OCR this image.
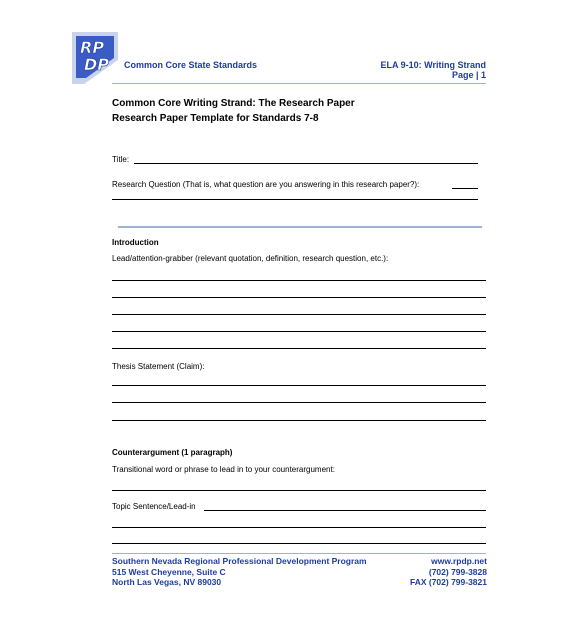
RP
DP Common Core State Standards	ELA 9-10: Writing Strand
Page | 1
Common Core Writing Strand: The Research Paper
Research Paper Template for Standards 7-8
Title:
Research Question (That is, what question are you answering in this research paper?):
Introduction
Lead/attention-grabber (relevant quotation, definition, research question, etc.):
Thesis Statement (Claim):
Counterargument (1 paragraph)
Transitional word or phrase to lead in to your counterargument:
Topic Sentence/Lead-in
Southern Nevada Regional Professional Development Program
515 West Cheyenne, Suite C
North Las Vegas, NV 89030
www.rpdp.net
(702) 799-3828
FAX (702) 799-3821
